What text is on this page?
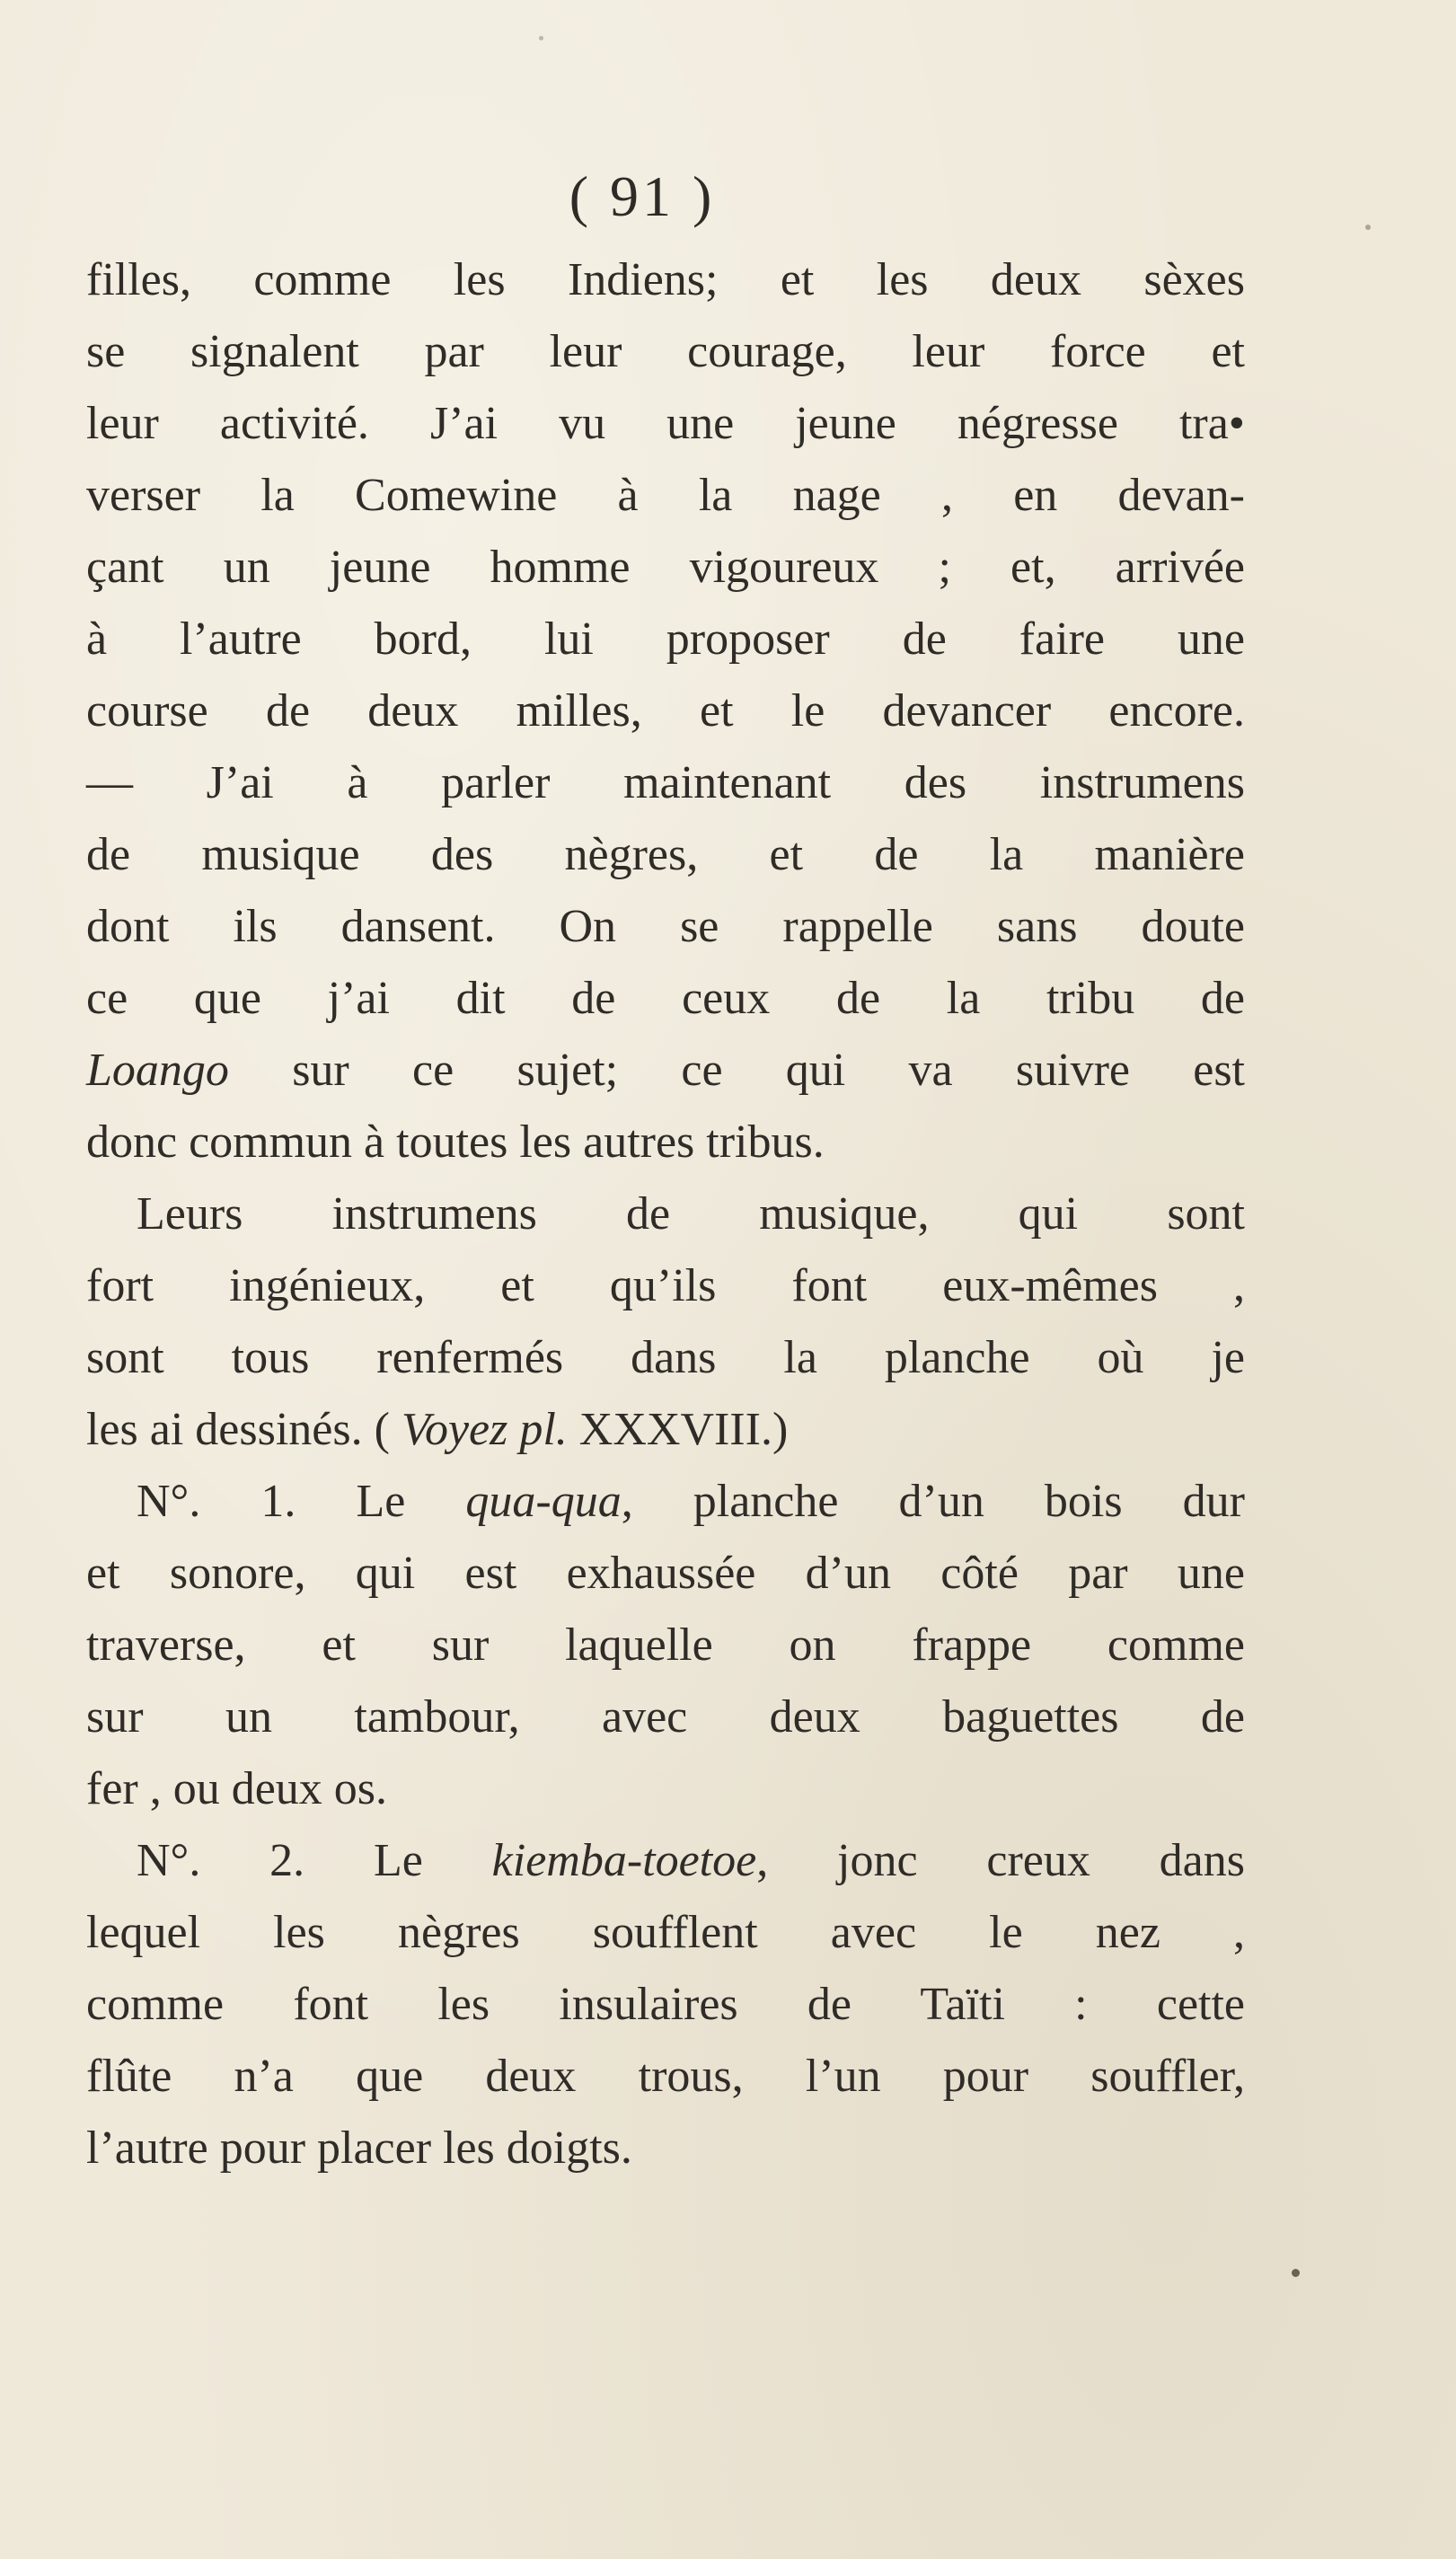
( 91 )
filles, comme les Indiens; et les deux sèxes
se signalent par leur courage, leur force et
leur activité. J’ai vu une jeune négresse tra•
verser la Comewine à la nage , en devan-
çant un jeune homme vigoureux ; et, arrivée
à l’autre bord, lui proposer de faire une
course de deux milles, et le devancer encore.
— J’ai à parler maintenant des instrumens
de musique des nègres, et de la manière
dont ils dansent. On se rappelle sans doute
ce que j’ai dit de ceux de la tribu de
Loango sur ce sujet; ce qui va suivre est
donc commun à toutes les autres tribus.
Leurs instrumens de musique, qui sont
fort ingénieux, et qu’ils font eux-mêmes ,
sont tous renfermés dans la planche où je
les ai dessinés. ( Voyez pl. XXXVIII.)
N°. 1. Le qua-qua, planche d’un bois dur
et sonore, qui est exhaussée d’un côté par une
traverse, et sur laquelle on frappe comme
sur un tambour, avec deux baguettes de
fer , ou deux os.
N°. 2. Le kiemba-toetoe, jonc creux dans
lequel les nègres soufflent avec le nez ,
comme font les insulaires de Taïti : cette
flûte n’a que deux trous, l’un pour souffler,
l’autre pour placer les doigts.
